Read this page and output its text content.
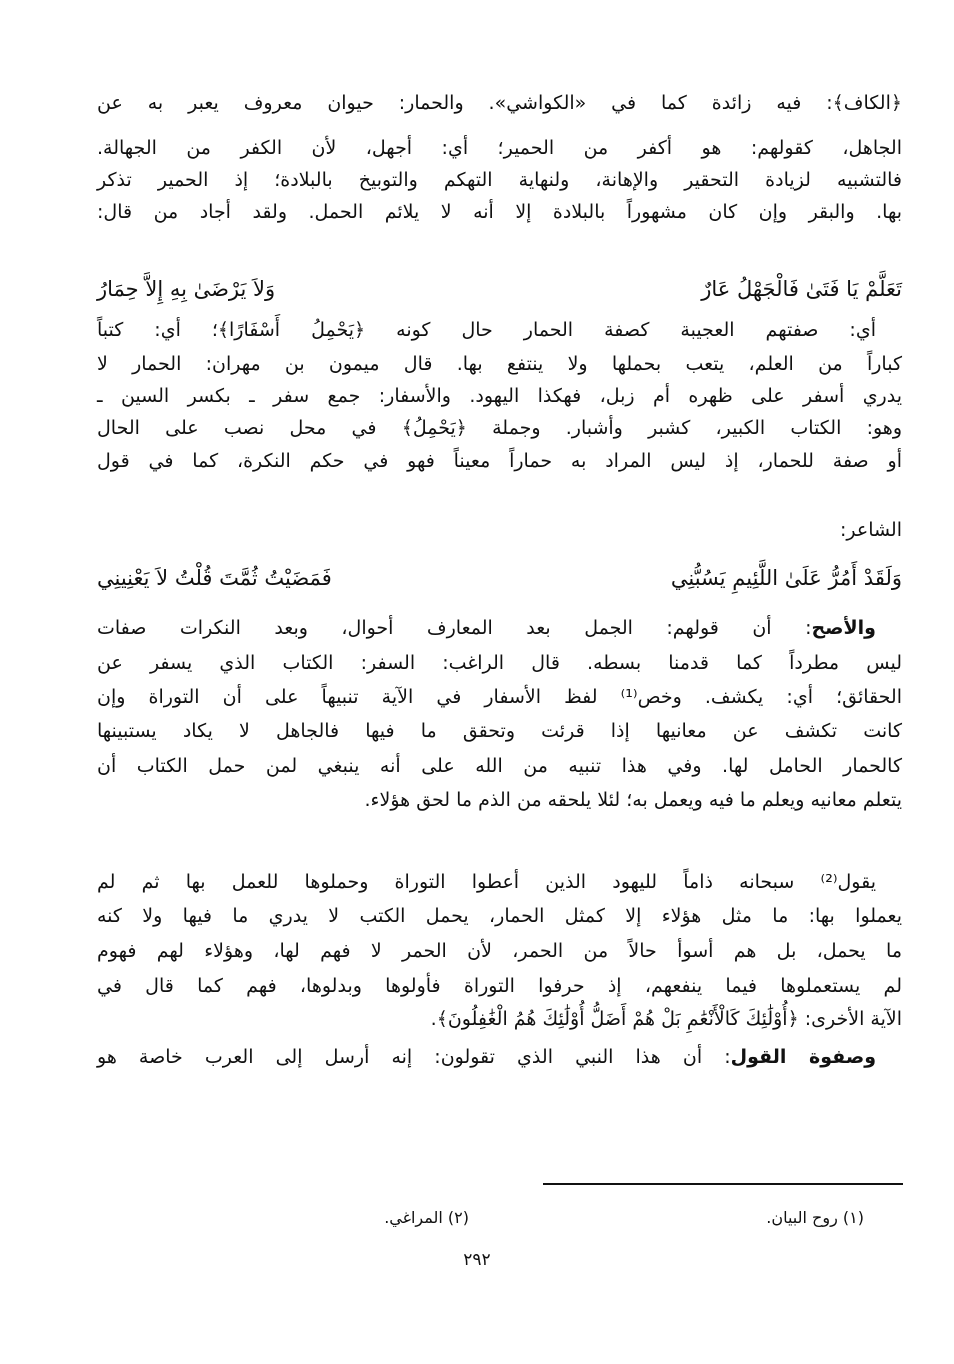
﴿الكاف﴾: فيه زائدة كما في «الكواشي». والحمار: حيوان معروف يعبر به عن
الجاهل، كقولهم: هو أكفر من الحمير؛ أي: أجهل، لأن الكفر من الجهالة.
فالتشبيه لزيادة التحقير والإهانة، ولنهاية التهكم والتوبيخ بالبلادة؛ إذ الحمير تذكر
بها. والبقر وإن كان مشهوراً بالبلادة إلا أنه لا يلائم الحمل. ولقد أجاد من قال:
تَعَلَّمْ يَا فَتَىٰ فَالْجَهْلُ عَارٌ
وَلاَ يَرْضَىٰ بِهِ إِلاَّ حِمَارُ
أي: صفتهم العجيبة كصفة الحمار حال كونه ﴿يَحْمِلُ أَسْفَارًا﴾؛ أي: كتباً
كباراً من العلم، يتعب بحملها ولا ينتفع بها. قال ميمون بن مهران: الحمار لا
يدري أسفر على ظهره أم زبل، فهكذا اليهود. والأسفار: جمع سفر ـ بكسر السين ـ
وهو: الكتاب الكبير، كشبر وأشبار. وجملة ﴿يَحْمِلُ﴾ في محل نصب على الحال
أو صفة للحمار، إذ ليس المراد به حماراً معيناً فهو في حكم النكرة، كما في قول
الشاعر:
وَلَقَدْ أَمُرُّ عَلَىٰ اللَّئِيمِ يَسُبُّنِي
فَمَضَيْتُ ثُمَّتَ قُلْتُ لاَ يَعْنِينِي
والأصح: أن قولهم: الجمل بعد المعارف أحوال، وبعد النكرات صفات
ليس مطرداً كما قدمنا بسطه. قال الراغب: السفر: الكتاب الذي يسفر عن
الحقائق؛ أي: يكشف. وخص⁽¹⁾ لفظ الأسفار في الآية تنبيهاً على أن التوراة وإن
كانت تكشف عن معانيها إذا قرئت وتحقق ما فيها فالجاهل لا يكاد يستبينها
كالحمار الحامل لها. وفي هذا تنبيه من الله على أنه ينبغي لمن حمل الكتاب أن
يتعلم معانيه ويعلم ما فيه ويعمل به؛ لئلا يلحقه من الذم ما لحق هؤلاء.
يقول⁽²⁾ سبحانه ذاماً لليهود الذين أعطوا التوراة وحملوها للعمل بها ثم لم
يعملوا بها: ما مثل هؤلاء إلا كمثل الحمار، يحمل الكتب لا يدري ما فيها ولا كنه
ما يحمل، بل هم أسوأ حالاً من الحمر، لأن الحمر لا فهم لها، وهؤلاء لهم فهوم
لم يستعملوها فيما ينفعهم، إذ حرفوا التوراة فأولوها وبدلوها، فهم كما قال في
الآية الأخرى: ﴿أُوْلَٰئِكَ كَالْأَنْعَٰمِ بَلْ هُمْ أَضَلُّ أُوْلَٰئِكَ هُمُ الْغَٰفِلُونَ﴾.
وصفوة القول: أن هذا النبي الذي تقولون: إنه أرسل إلى العرب خاصة هو
(١) روح البيان.
(٢) المراغي.
٢٩٢
